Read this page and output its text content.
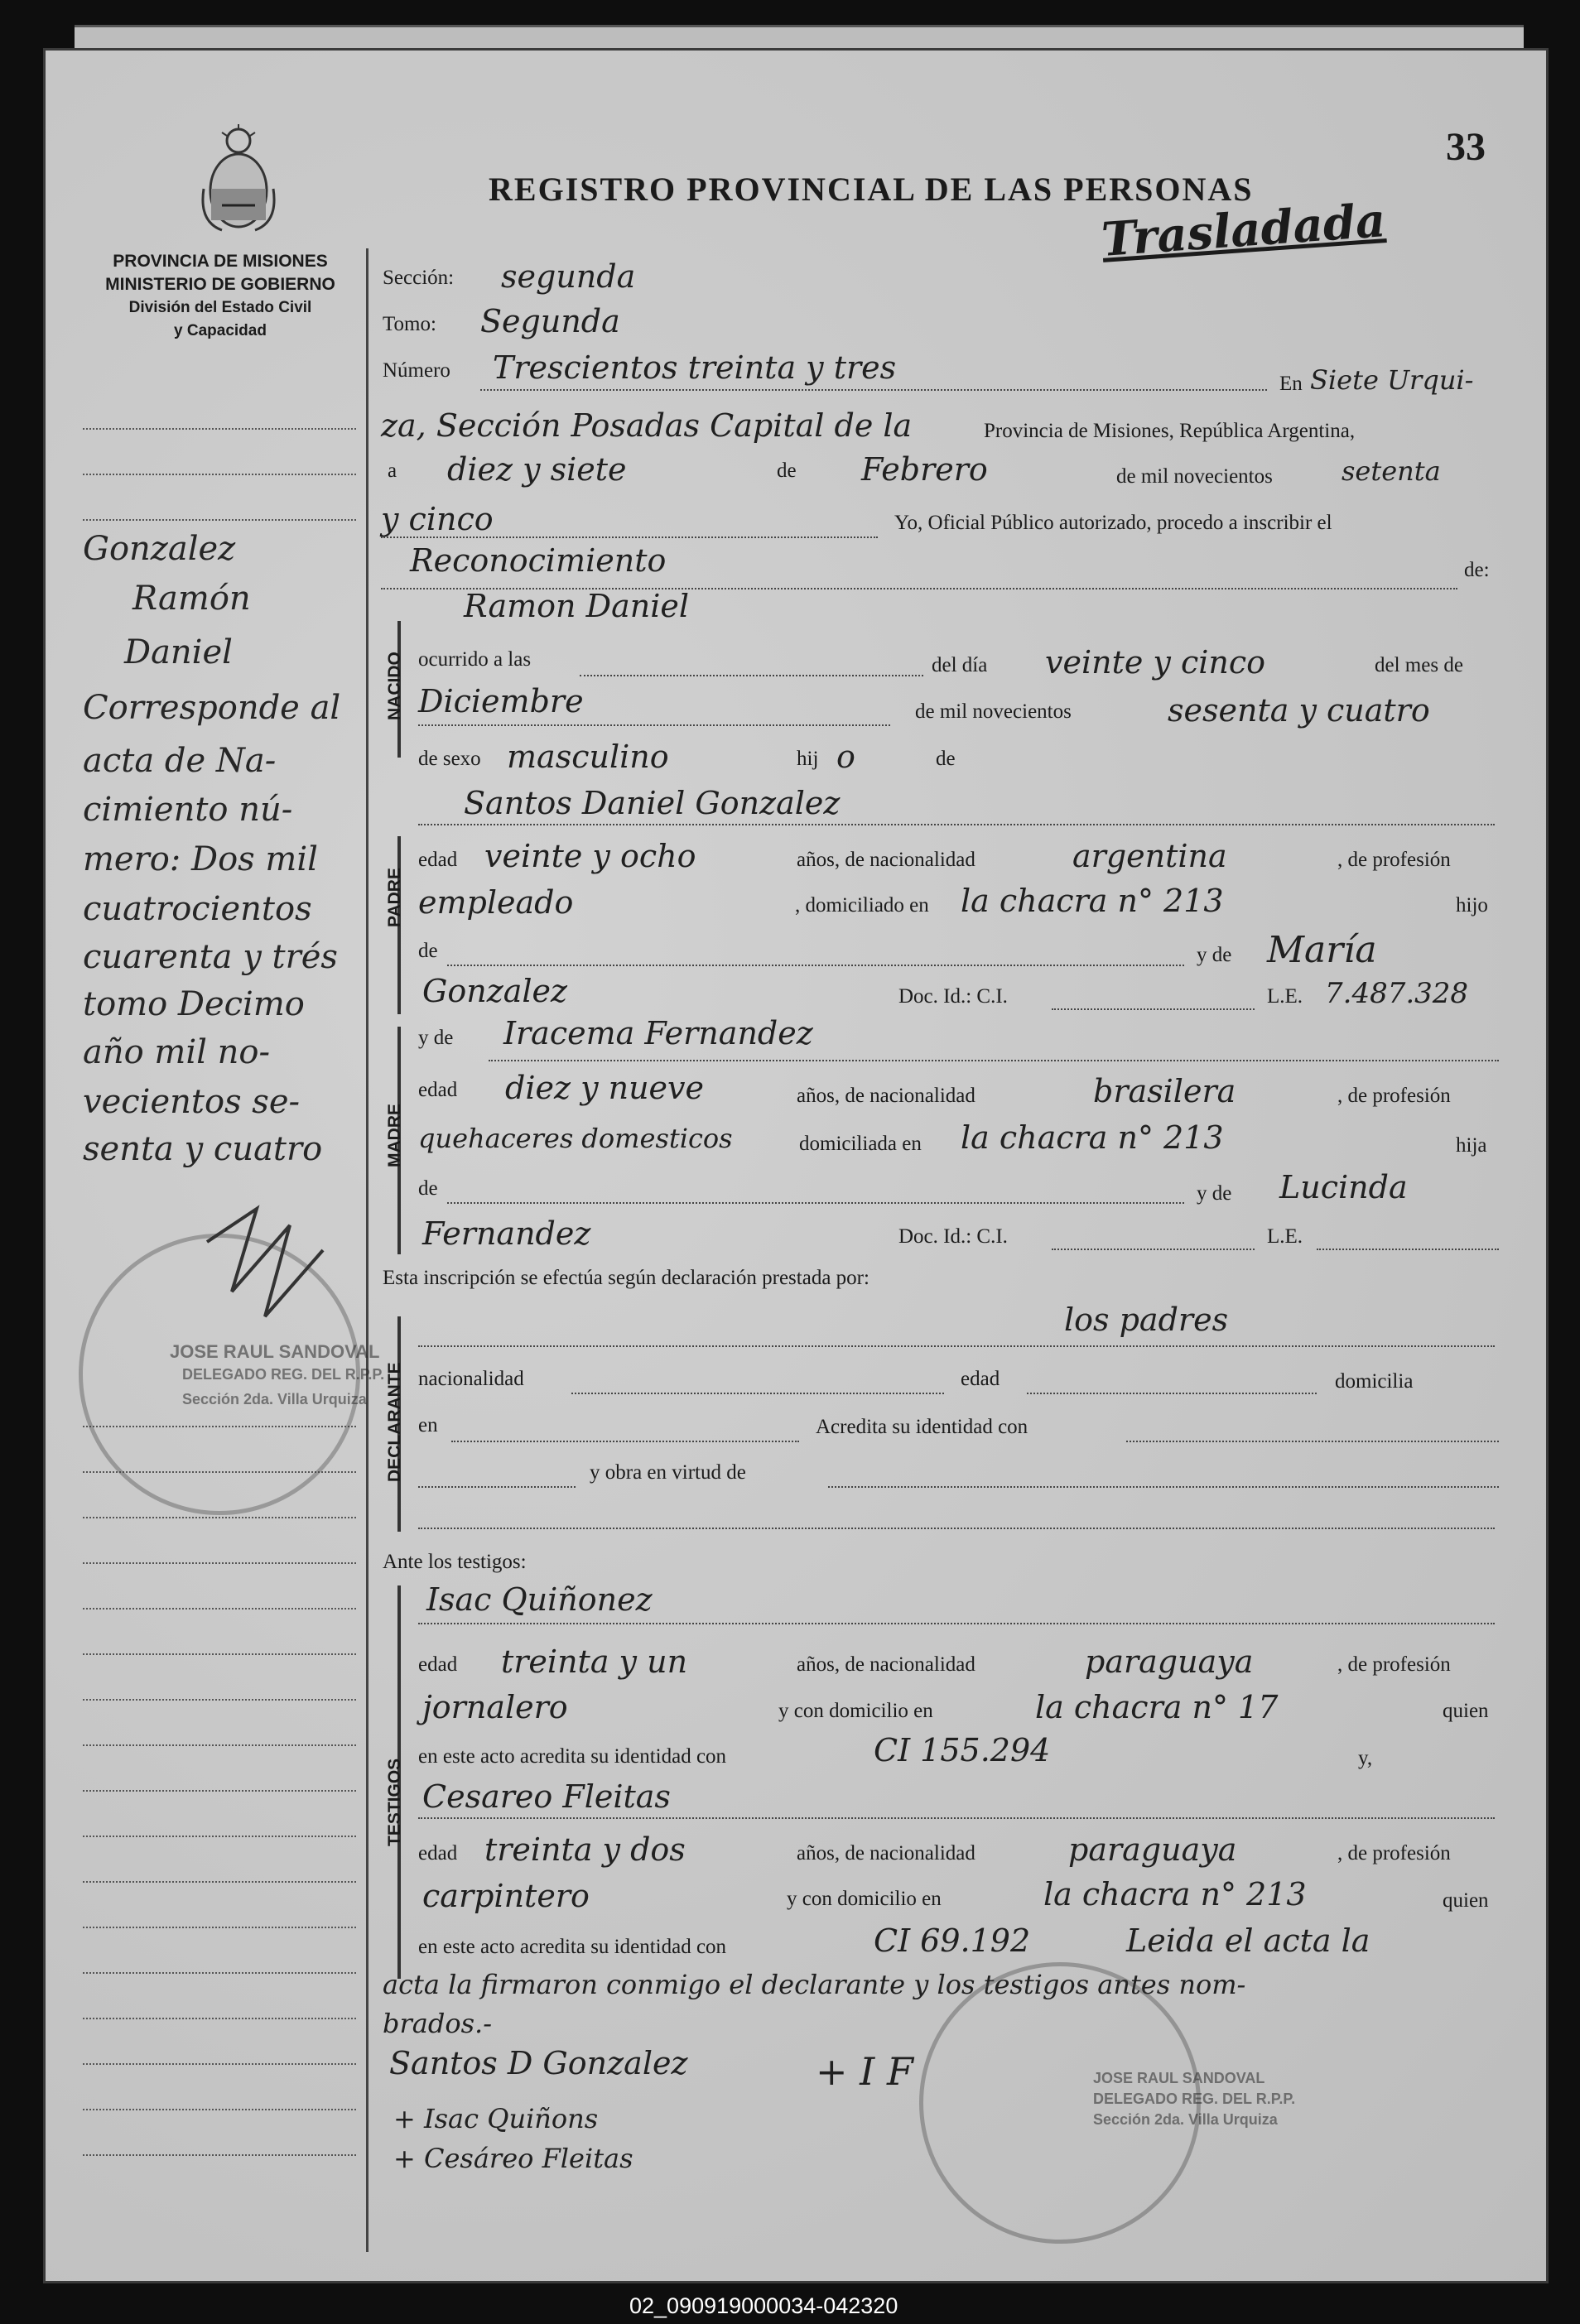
33
PROVINCIA DE MISIONES
MINISTERIO DE GOBIERNO
División del Estado Civil
y Capacidad
REGISTRO PROVINCIAL DE LAS PERSONAS
Trasladada
Gonzalez
Ramón
Daniel
Corresponde al
acta de Na-
cimiento nú-
mero: Dos mil
cuatrocientos
cuarenta y trés
tomo Decimo
año mil no-
vecientos se-
senta y cuatro
JOSE RAUL SANDOVAL
DELEGADO REG. DEL R.P.P.
Sección 2da. Villa Urquiza
Sección: segunda
Tomo: Segunda
Número Trescientos treinta y tres	En Siete Urqui-
za, Sección Posadas Capital de la	Provincia de Misiones, República Argentina,
a diez y siete	de Febrero	de mil novecientos	setenta
y cinco	Yo, Oficial Público autorizado, procedo a inscribir el
Reconocimiento	de:
Ramon Daniel
NACIDO ocurrido a las	del día veinte y cinco	del mes de
Diciembre	de mil novecientos	sesenta y cuatro
de sexo masculino	hij o	de
PADRE
Santos Daniel Gonzalez
edad veinte y ocho	años, de nacionalidad	argentina	, de profesión
empleado	, domiciliado en la chacra n° 213	hijo
de	y de María
Gonzalez	Doc. Id.: C.I.	L.E. 7.487.328
MADRE
y de Iracema Fernandez
edad diez y nueve	años, de nacionalidad	brasilera	, de profesión
quehaceres domesticos	domiciliada en la chacra n° 213	hija
de	y de Lucinda
Fernandez	Doc. Id.: C.I.	L.E.
Esta inscripción se efectúa según declaración prestada por:
los padres
DECLARANTE nacionalidad	edad	domicilia
en	Acredita su identidad con
y obra en virtud de
Ante los testigos:
TESTIGOS
Isac Quiñonez
edad treinta y un	años, de nacionalidad	paraguaya	, de profesión
jornalero	y con domicilio en	la chacra n° 17	quien
en este acto acredita su identidad con	CI 155.294	y,
Cesareo Fleitas
edad treinta y dos	años, de nacionalidad	paraguaya	, de profesión
carpintero	y con domicilio en	la chacra n° 213	quien
en este acto acredita su identidad con	CI 69.192	Leida el acta la
acta la firmaron conmigo el declarante y los testigos antes nom-
brados.-
Santos D Gonzalez	+ I F
+ Isac Quiñons
+ Cesáreo Fleitas
JOSE RAUL SANDOVAL
DELEGADO REG. DEL R.P.P.
Sección 2da. Villa Urquiza
02_090919000034-042320
